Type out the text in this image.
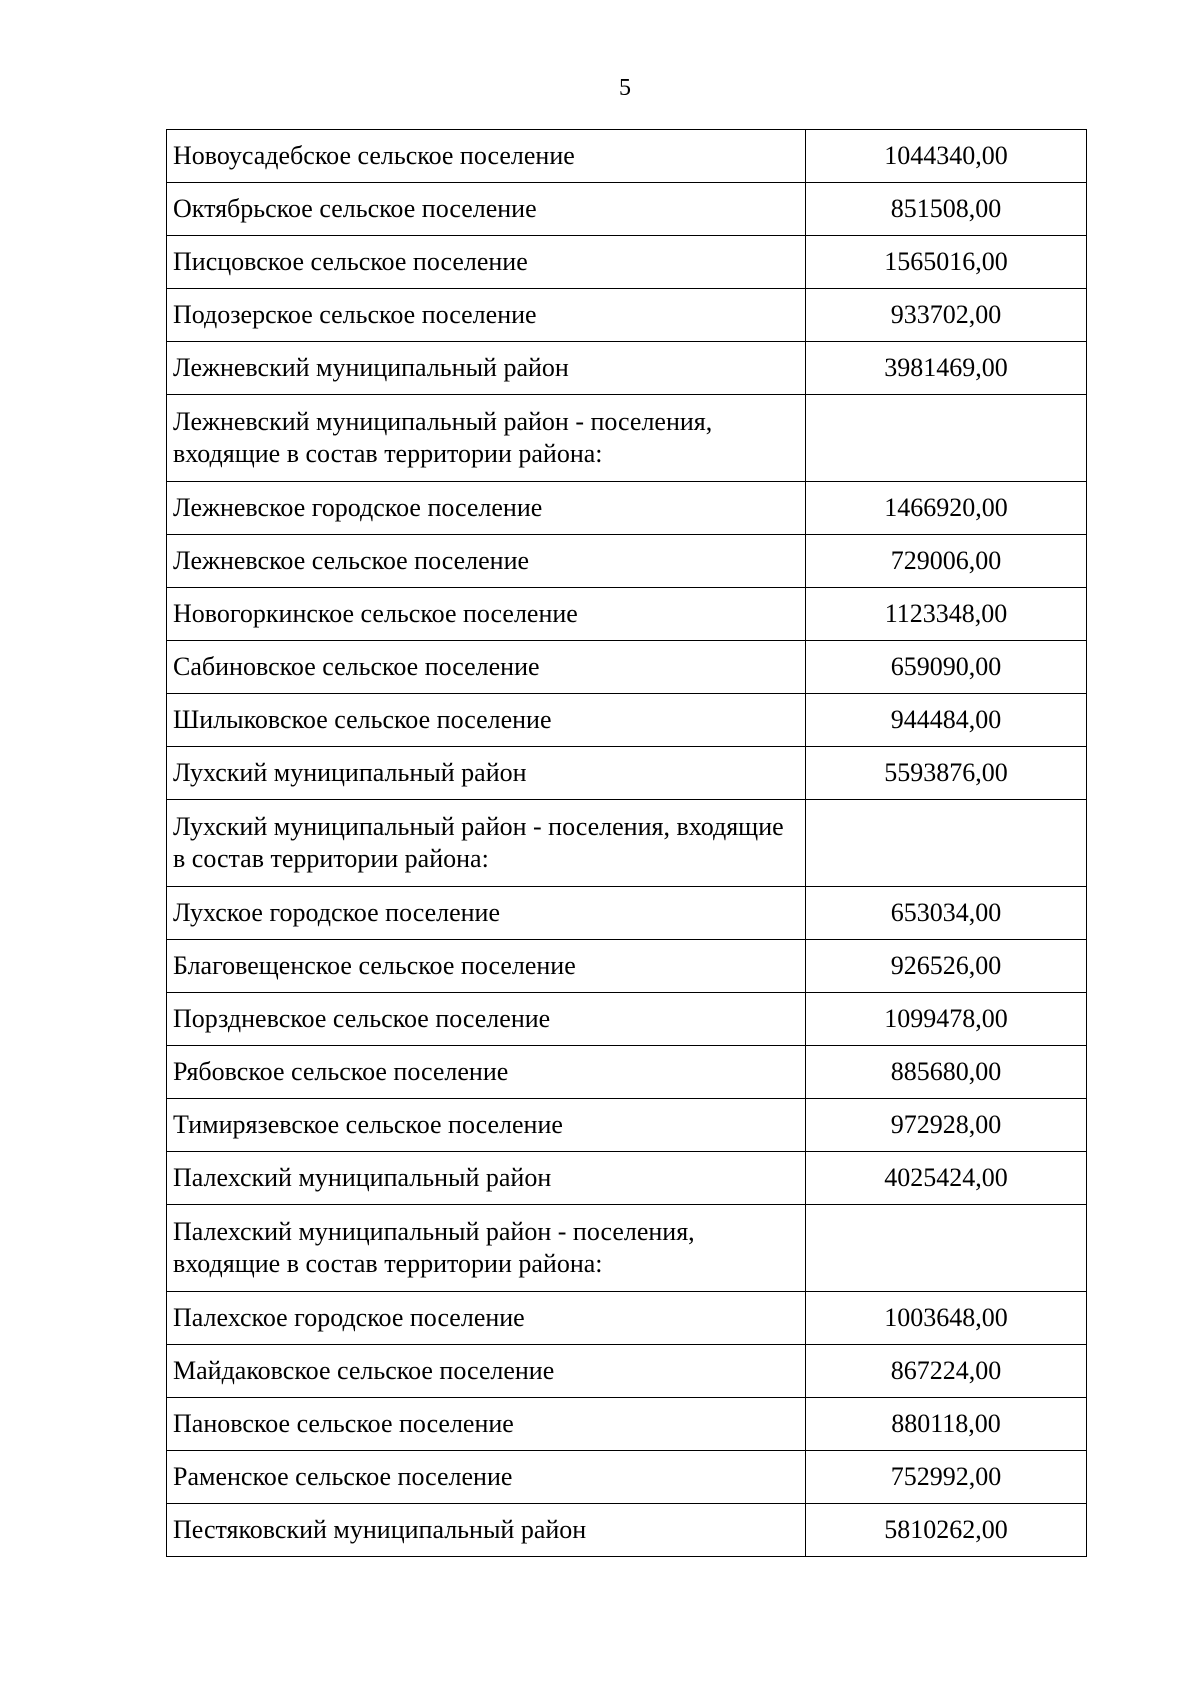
5
Новоусадебское сельское поселение	1044340,00
Октябрьское сельское поселение	851508,00
Писцовское сельское поселение	1565016,00
Подозерское сельское поселение	933702,00
Лежневский муниципальный район	3981469,00
Лежневский муниципальный район - поселения, входящие в состав территории района:	
Лежневское городское поселение	1466920,00
Лежневское сельское поселение	729006,00
Новогоркинское сельское поселение	1123348,00
Сабиновское сельское поселение	659090,00
Шилыковское сельское поселение	944484,00
Лухский муниципальный район	5593876,00
Лухский муниципальный район - поселения, входящие в состав территории района:	
Лухское городское поселение	653034,00
Благовещенское сельское поселение	926526,00
Порздневское сельское поселение	1099478,00
Рябовское сельское поселение	885680,00
Тимирязевское сельское поселение	972928,00
Палехский муниципальный район	4025424,00
Палехский муниципальный район - поселения, входящие в состав территории района:	
Палехское городское поселение	1003648,00
Майдаковское сельское поселение	867224,00
Пановское сельское поселение	880118,00
Раменское сельское поселение	752992,00
Пестяковский муниципальный район	5810262,00
